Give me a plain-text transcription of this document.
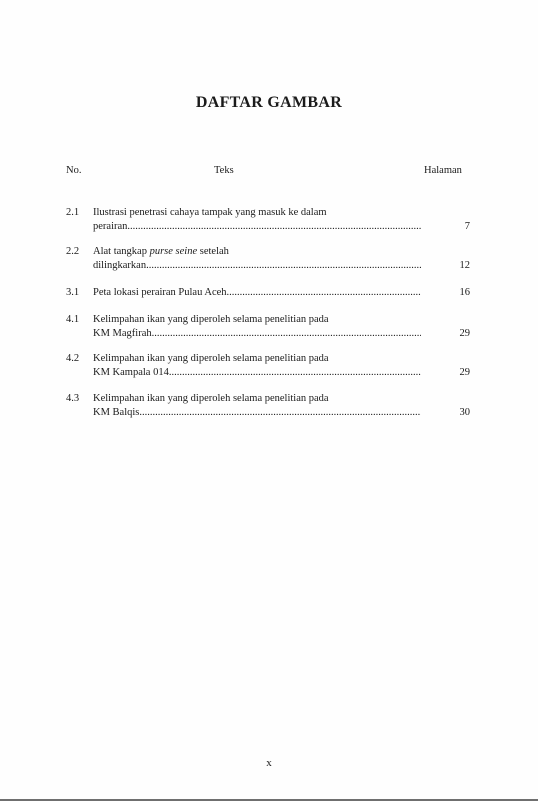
DAFTAR GAMBAR
No.	Teks	Halaman
2.1 Ilustrasi penetrasi cahaya tampak yang masuk ke dalam
perairan .....	7
2.2 Alat tangkap purse seine setelah
dilingkarkan .....	12
3.1 Peta lokasi perairan Pulau Aceh .....	16
4.1 Kelimpahan ikan yang diperoleh selama penelitian pada
KM Magfirah .....	29
4.2 Kelimpahan ikan yang diperoleh selama penelitian pada
KM Kampala 014 .....	29
4.3 Kelimpahan ikan yang diperoleh selama penelitian pada
KM Balqis .....	30
x
